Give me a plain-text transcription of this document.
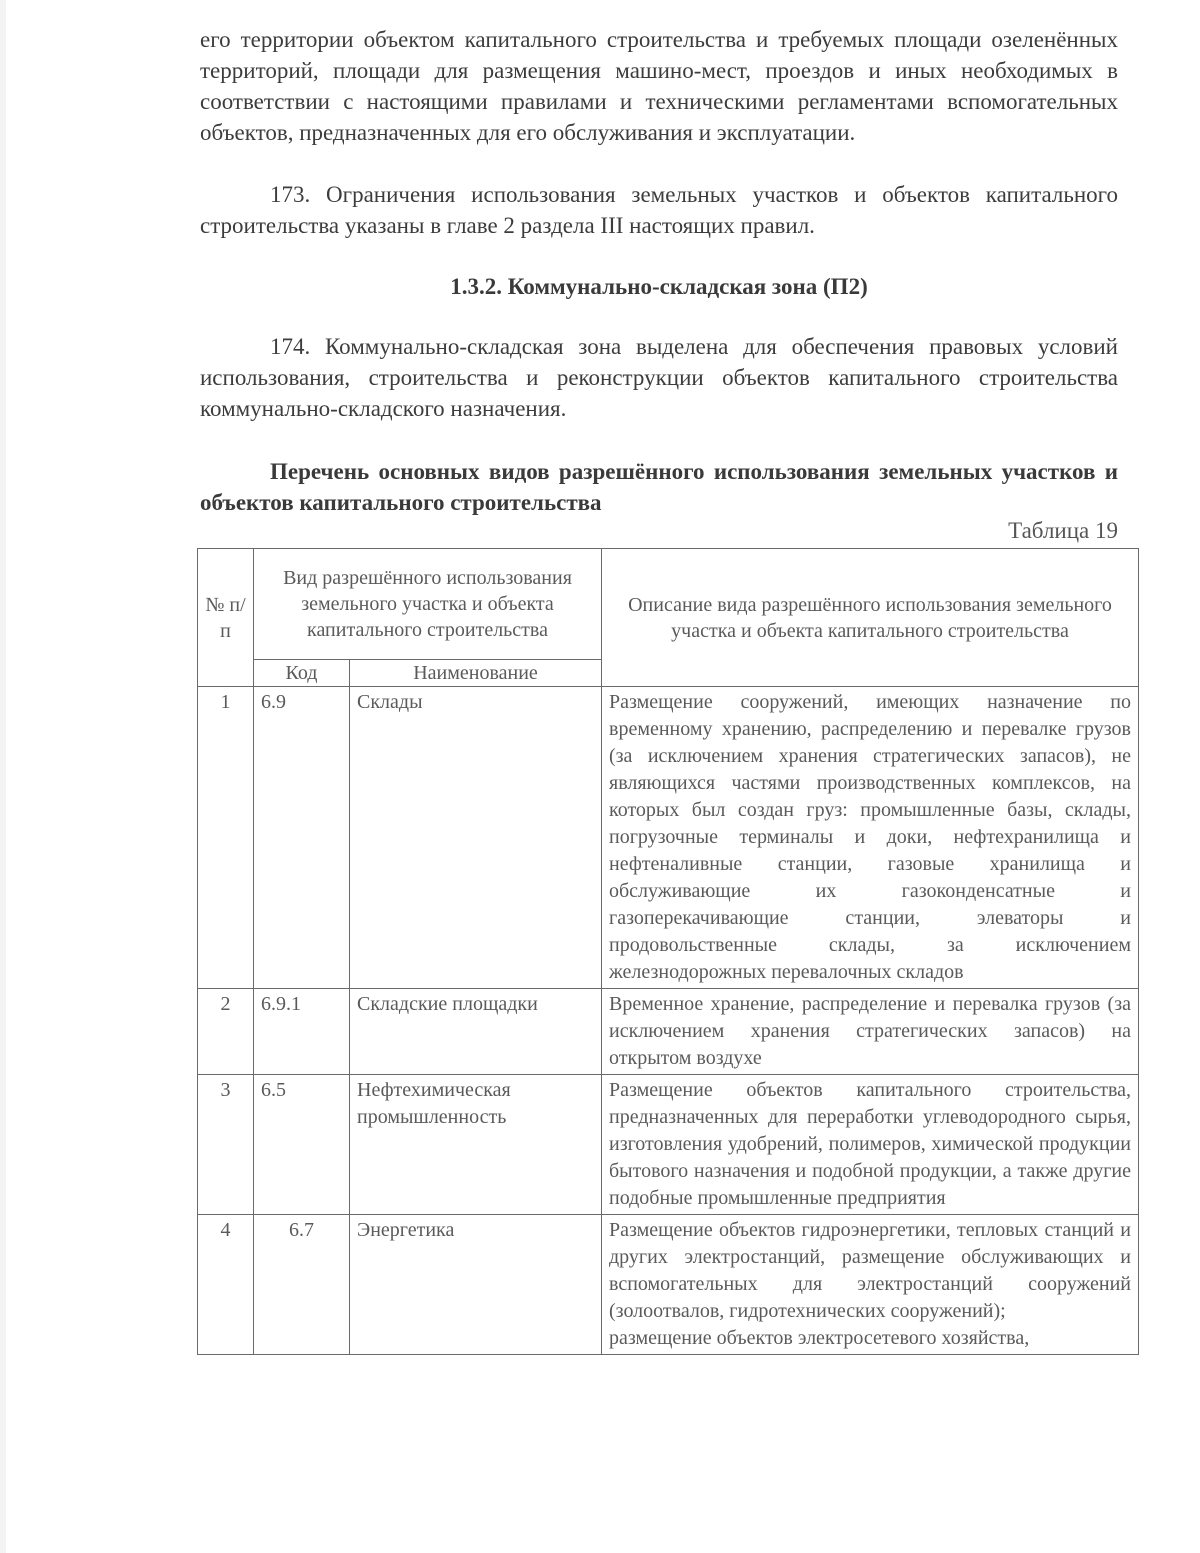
его территории объектом капитального строительства и требуемых площади озеленённых территорий, площади для размещения машино-мест, проездов и иных необходимых в соответствии с настоящими правилами и техническими регламентами вспомогательных объектов, предназначенных для его обслуживания и эксплуатации.
173. Ограничения использования земельных участков и объектов капитального строительства указаны в главе 2 раздела III настоящих правил.
1.3.2. Коммунально-складская зона (П2)
174. Коммунально-складская зона выделена для обеспечения правовых условий использования, строительства и реконструкции объектов капитального строительства коммунально-складского назначения.
Перечень основных видов разрешённого использования земельных участков и объектов капитального строительства
Таблица 19
№ п/п	Вид разрешённого использования земельного участка и объекта капитального строительства		Описание вида разрешённого использования земельного участка и объекта капитального строительства
	Код	Наименование	
1	6.9	Склады	Размещение сооружений, имеющих назначение по временному хранению, распределению и перевалке грузов (за исключением хранения стратегических запасов), не являющихся частями производственных комплексов, на которых был создан груз: промышленные базы, склады, погрузочные терминалы и доки, нефтехранилища и нефтеналивные станции, газовые хранилища и обслуживающие их газоконденсатные и газоперекачивающие станции, элеваторы и продовольственные склады, за исключением железнодорожных перевалочных складов
2	6.9.1	Складские площадки	Временное хранение, распределение и перевалка грузов (за исключением хранения стратегических запасов) на открытом воздухе
3	6.5	Нефтехимическая промышленность	Размещение объектов капитального строительства, предназначенных для переработки углеводородного сырья, изготовления удобрений, полимеров, химической продукции бытового назначения и подобной продукции, а также другие подобные промышленные предприятия
4	6.7	Энергетика	Размещение объектов гидроэнергетики, тепловых станций и других электростанций, размещение обслуживающих и вспомогательных для электростанций сооружений (золоотвалов, гидротехнических сооружений);
размещение объектов электросетевого хозяйства,
